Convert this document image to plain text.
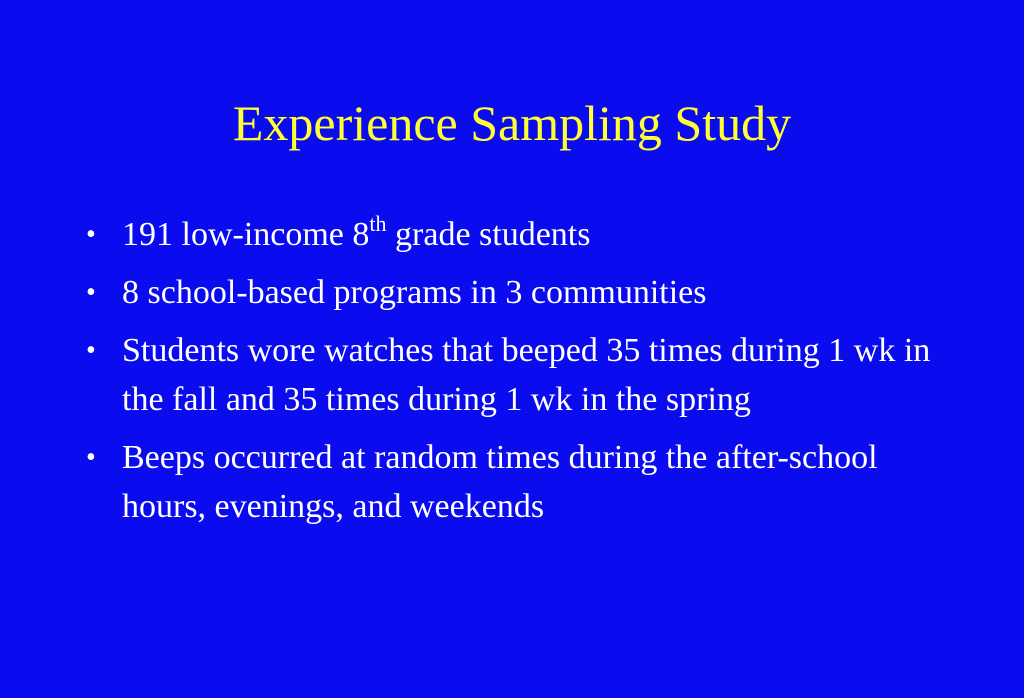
Experience Sampling Study
• 191 low-income 8th grade students
• 8 school-based programs in 3 communities
• Students wore watches that beeped 35 times during 1 wk in the fall and 35 times during 1 wk in the spring
• Beeps occurred at random times during the after-school hours, evenings, and weekends
